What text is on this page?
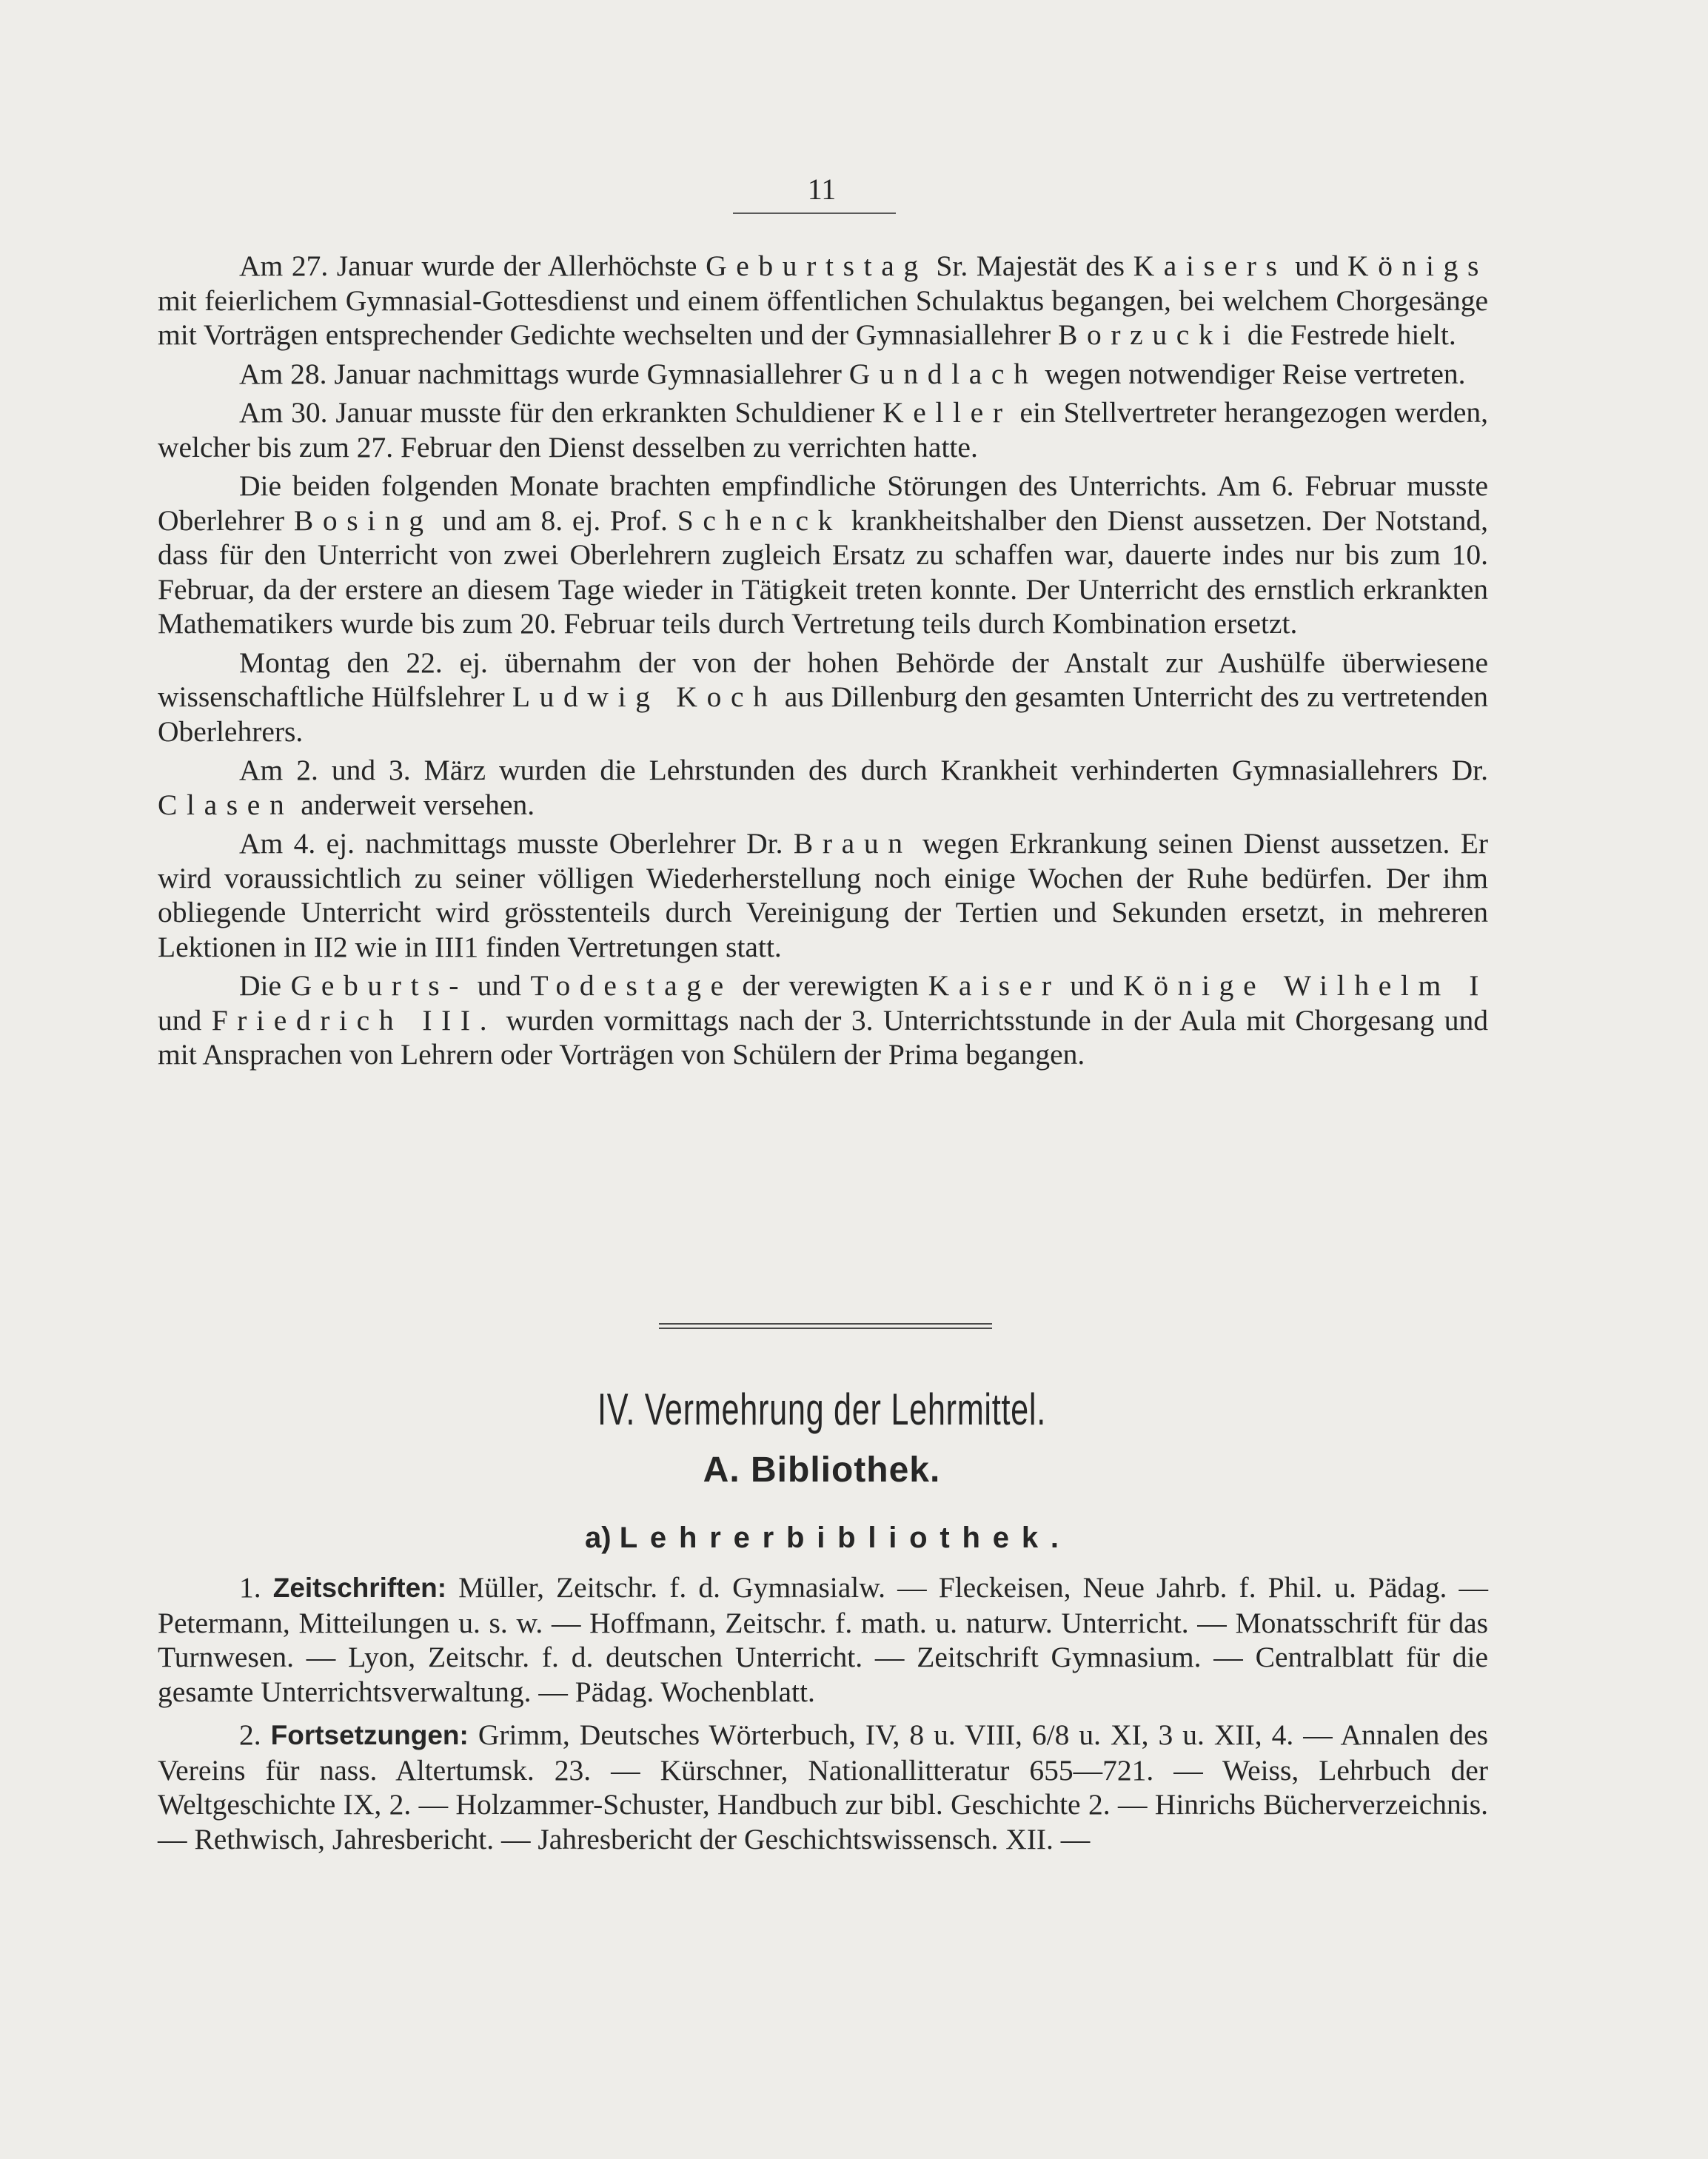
11

Am 27. Januar wurde der Allerhöchste Geburtstag Sr. Majestät des Kaisers und Königs mit feierlichem Gymnasial-Gottesdienst und einem öffentlichen Schulaktus begangen, bei welchem Chorgesänge mit Vorträgen entsprechender Gedichte wechselten und der Gymnasiallehrer Borzucki die Festrede hielt.

Am 28. Januar nachmittags wurde Gymnasiallehrer Gundlach wegen notwendiger Reise vertreten.

Am 30. Januar musste für den erkrankten Schuldiener Keller ein Stellvertreter herangezogen werden, welcher bis zum 27. Februar den Dienst desselben zu verrichten hatte.

Die beiden folgenden Monate brachten empfindliche Störungen des Unterrichts. Am 6. Februar musste Oberlehrer Bosing und am 8. ej. Prof. Schenck krankheitshalber den Dienst aussetzen. Der Notstand, dass für den Unterricht von zwei Oberlehrern zugleich Ersatz zu schaffen war, dauerte indes nur bis zum 10. Februar, da der erstere an diesem Tage wieder in Tätigkeit treten konnte. Der Unterricht des ernstlich erkrankten Mathematikers wurde bis zum 20. Februar teils durch Vertretung teils durch Kombination ersetzt.

Montag den 22. ej. übernahm der von der hohen Behörde der Anstalt zur Aushülfe überwiesene wissenschaftliche Hülfslehrer Ludwig Koch aus Dillenburg den gesamten Unterricht des zu vertretenden Oberlehrers.

Am 2. und 3. März wurden die Lehrstunden des durch Krankheit verhinderten Gymnasiallehrers Dr. Clasen anderweit versehen.

Am 4. ej. nachmittags musste Oberlehrer Dr. Braun wegen Erkrankung seinen Dienst aussetzen. Er wird voraussichtlich zu seiner völligen Wiederherstellung noch einige Wochen der Ruhe bedürfen. Der ihm obliegende Unterricht wird grösstenteils durch Vereinigung der Tertien und Sekunden ersetzt, in mehreren Lektionen in II2 wie in III1 finden Vertretungen statt.

Die Geburts- und Todestage der verewigten Kaiser und Könige Wilhelm I und Friedrich III. wurden vormittags nach der 3. Unterrichtsstunde in der Aula mit Chorgesang und mit Ansprachen von Lehrern oder Vorträgen von Schülern der Prima begangen.

IV. Vermehrung der Lehrmittel.
A. Bibliothek.
a) Lehrerbibliothek.

1. Zeitschriften: Müller, Zeitschr. f. d. Gymnasialw. — Fleckeisen, Neue Jahrb. f. Phil. u. Pädag. — Petermann, Mitteilungen u. s. w. — Hoffmann, Zeitschr. f. math. u. naturw. Unterricht. — Monatsschrift für das Turnwesen. — Lyon, Zeitschr. f. d. deutschen Unterricht. — Zeitschrift Gymnasium. — Centralblatt für die gesamte Unterrichtsverwaltung. — Pädag. Wochenblatt.

2. Fortsetzungen: Grimm, Deutsches Wörterbuch, IV, 8 u. VIII, 6/8 u. XI, 3 u. XII, 4. — Annalen des Vereins für nass. Altertumsk. 23. — Kürschner, Nationallitteratur 655—721. — Weiss, Lehrbuch der Weltgeschichte IX, 2. — Holzammer-Schuster, Handbuch zur bibl. Geschichte 2. — Hinrichs Bücherverzeichnis. — Rethwisch, Jahresbericht. — Jahresbericht der Geschichtswissensch. XII. —
